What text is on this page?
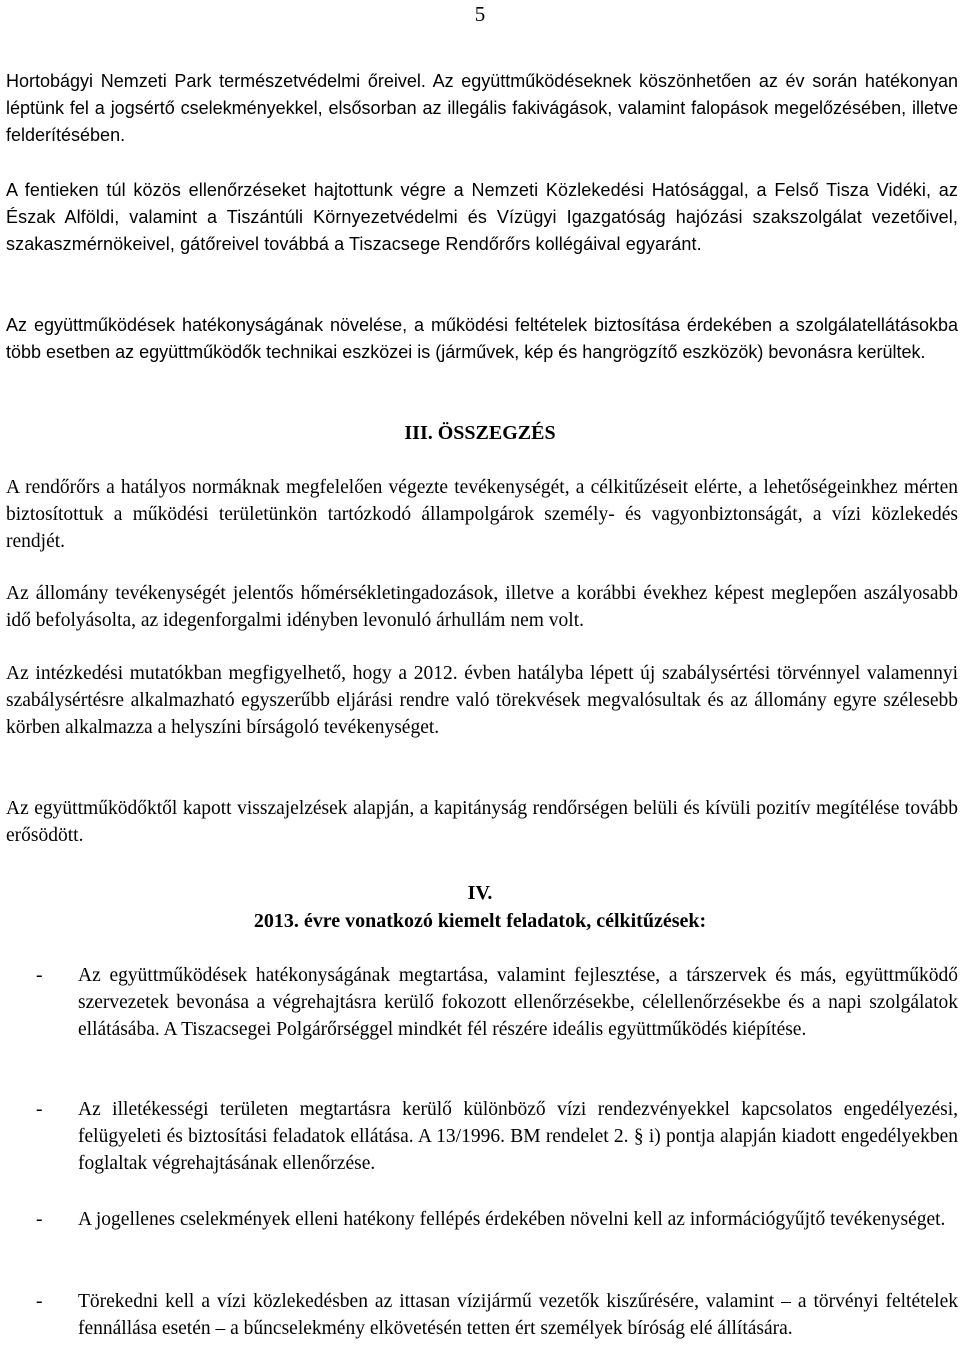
5

Hortobágyi Nemzeti Park természetvédelmi őreivel. Az együttműködéseknek köszönhetően az év során hatékonyan léptünk fel a jogsértő cselekményekkel, elsősorban az illegális fakivágások, valamint falopások megelőzésében, illetve felderítésében.

A fentieken túl közös ellenőrzéseket hajtottunk végre a Nemzeti Közlekedési Hatósággal, a Felső Tisza Vidéki, az Észak Alföldi, valamint a Tiszántúli Környezetvédelmi és Vízügyi Igazgatóság hajózási szakszolgálat vezetőivel, szakaszmérnökeivel, gátőreivel továbbá a Tiszacsege Rendőrőrs kollégáival egyaránt.

Az együttműködések hatékonyságának növelése, a működési feltételek biztosítása érdekében a szolgálatellátásokba több esetben az együttműködők technikai eszközei is (járművek, kép és hangrögzítő eszközök) bevonásra kerültek.

III. ÖSSZEGZÉS

A rendőrőrs a hatályos normáknak megfelelően végezte tevékenységét, a célkitűzéseit elérte, a lehetőségeinkhez mérten biztosítottuk a működési területünkön tartózkodó állampolgárok személy- és vagyonbiztonságát, a vízi közlekedés rendjét.

Az állomány tevékenységét jelentős hőmérsékletingadozások, illetve a korábbi évekhez képest meglepően aszályosabb idő befolyásolta, az idegenforgalmi idényben levonuló árhullám nem volt.

Az intézkedési mutatókban megfigyelhető, hogy a 2012. évben hatályba lépett új szabálysértési törvénnyel valamennyi szabálysértésre alkalmazható egyszerűbb eljárási rendre való törekvések megvalósultak és az állomány egyre szélesebb körben alkalmazza a helyszíni bírságoló tevékenységet.

Az együttműködőktől kapott visszajelzések alapján, a kapitányság rendőrségen belüli és kívüli pozitív megítélése tovább erősödött.

IV.
2013. évre vonatkozó kiemelt feladatok, célkitűzések:
- Az együttműködések hatékonyságának megtartása, valamint fejlesztése, a társzervek és más, együttműködő szervezetek bevonása a végrehajtásra kerülő fokozott ellenőrzésekbe, célellenőrzésekbe és a napi szolgálatok ellátásába. A Tiszacsegei Polgárőrséggel mindkét fél részére ideális együttműködés kiépítése.

- Az illetékességi területen megtartásra kerülő különböző vízi rendezvényekkel kapcsolatos engedélyezési, felügyeleti és biztosítási feladatok ellátása. A 13/1996. BM rendelet 2. § i) pontja alapján kiadott engedélyekben foglaltak végrehajtásának ellenőrzése.

- A jogellenes cselekmények elleni hatékony fellépés érdekében növelni kell az információgyűjtő tevékenységet.

- Törekedni kell a vízi közlekedésben az ittasan vízijármű vezetők kiszűrésére, valamint – a törvényi feltételek fennállása esetén – a bűncselekmény elkövetésén tetten ért személyek bíróság elé állítására.
